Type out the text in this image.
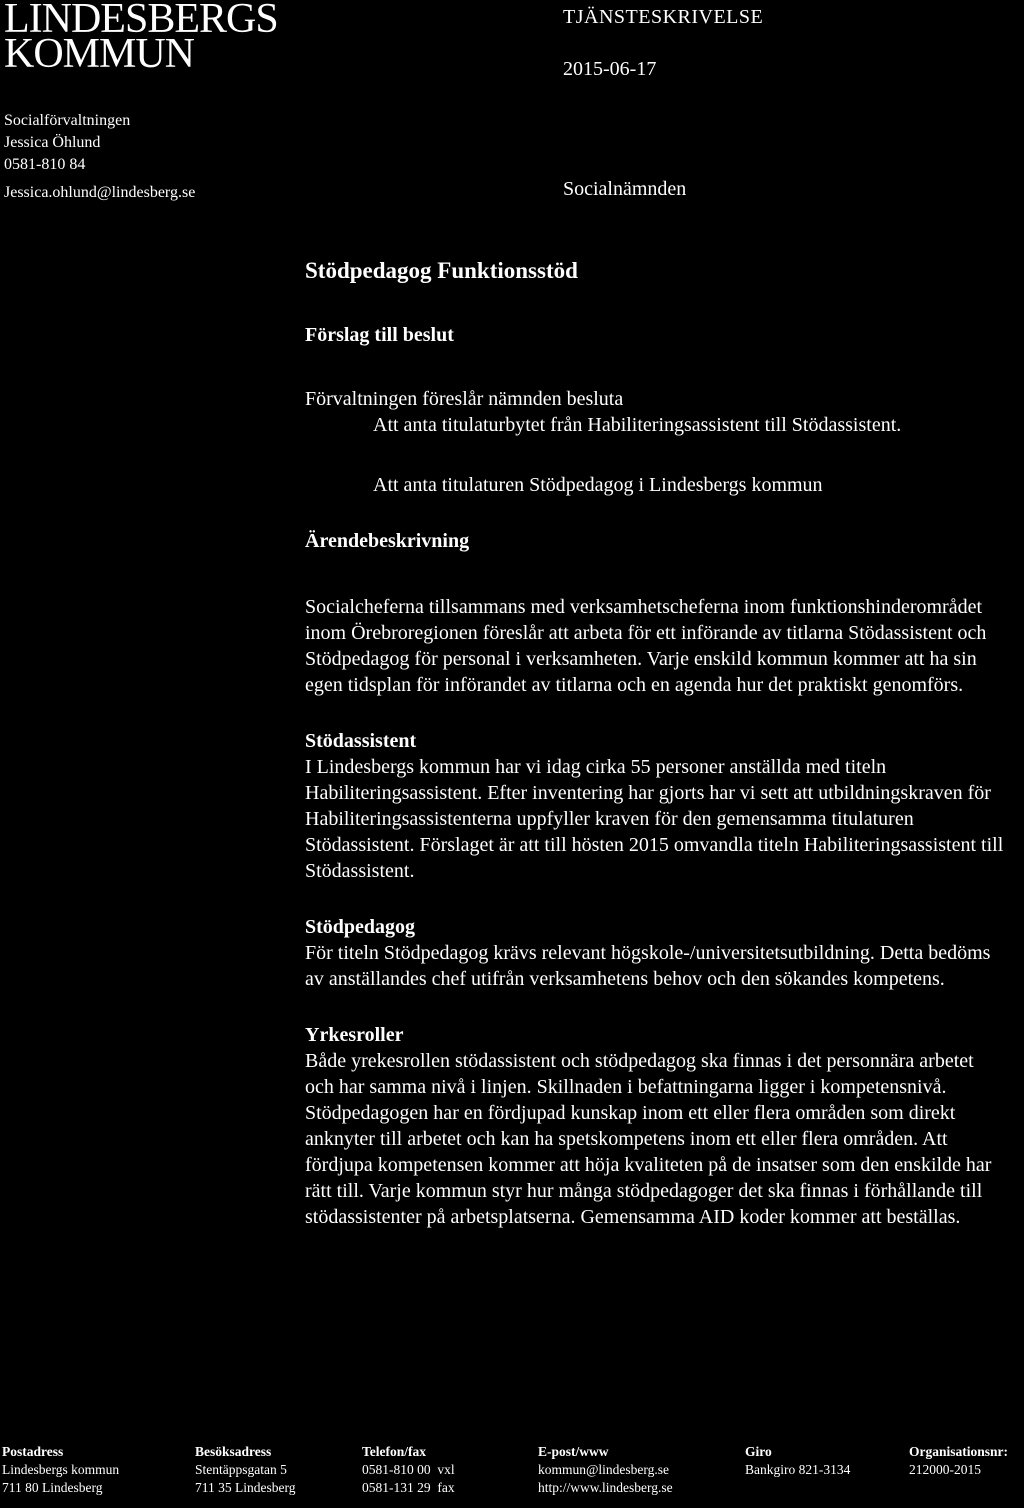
LINDESBERGS
KOMMUN
Socialförvaltningen
Jessica Öhlund
0581-810 84
Jessica.ohlund@lindesberg.se
TJÄNSTESKRIVELSE
2015-06-17
Socialnämnden

Stödpedagog Funktionsstöd

Förslag till beslut

Förvaltningen föreslår nämnden besluta

Att anta titulaturbytet från Habiliteringsassistent till Stödassistent.

Att anta titulaturen Stödpedagog i Lindesbergs kommun

Ärendebeskrivning

Socialcheferna tillsammans med verksamhetscheferna inom funktionshinderområdet inom Örebroregionen föreslår att arbeta för ett införande av titlarna Stödassistent och Stödpedagog för personal i verksamheten. Varje enskild kommun kommer att ha sin egen tidsplan för införandet av titlarna och en agenda hur det praktiskt genomförs.

Stödassistent

I Lindesbergs kommun har vi idag cirka 55 personer anställda med titeln Habiliteringsassistent. Efter inventering har gjorts har vi sett att utbildningskraven för Habiliteringsassistenterna uppfyller kraven för den gemensamma titulaturen Stödassistent. Förslaget är att till hösten 2015 omvandla titeln Habiliteringsassistent till Stödassistent.

Stödpedagog

För titeln Stödpedagog krävs relevant högskole-/universitetsutbildning. Detta bedöms av anställandes chef utifrån verksamhetens behov och den sökandes kompetens.

Yrkesroller

Både yrekesrollen stödassistent och stödpedagog ska finnas i det personnära arbetet och har samma nivå i linjen. Skillnaden i befattningarna ligger i kompetensnivå. Stödpedagogen har en fördjupad kunskap inom ett eller flera områden som direkt anknyter till arbetet och kan ha spetskompetens inom ett eller flera områden. Att fördjupa kompetensen kommer att höja kvaliteten på de insatser som den enskilde har rätt till. Varje kommun styr hur många stödpedagoger det ska finnas i förhållande till stödassistenter på arbetsplatserna. Gemensamma AID koder kommer att beställas.

Postadress
Lindesbergs kommun
711 80 Lindesberg
Besöksadress
Stentäppsgatan 5
711 35 Lindesberg
Telefon/fax
0581-810 00  vxl
0581-131 29  fax
E-post/www
kommun@lindesberg.se
http://www.lindesberg.se
Giro
Bankgiro 821-3134
Organisationsnr:
212000-2015
